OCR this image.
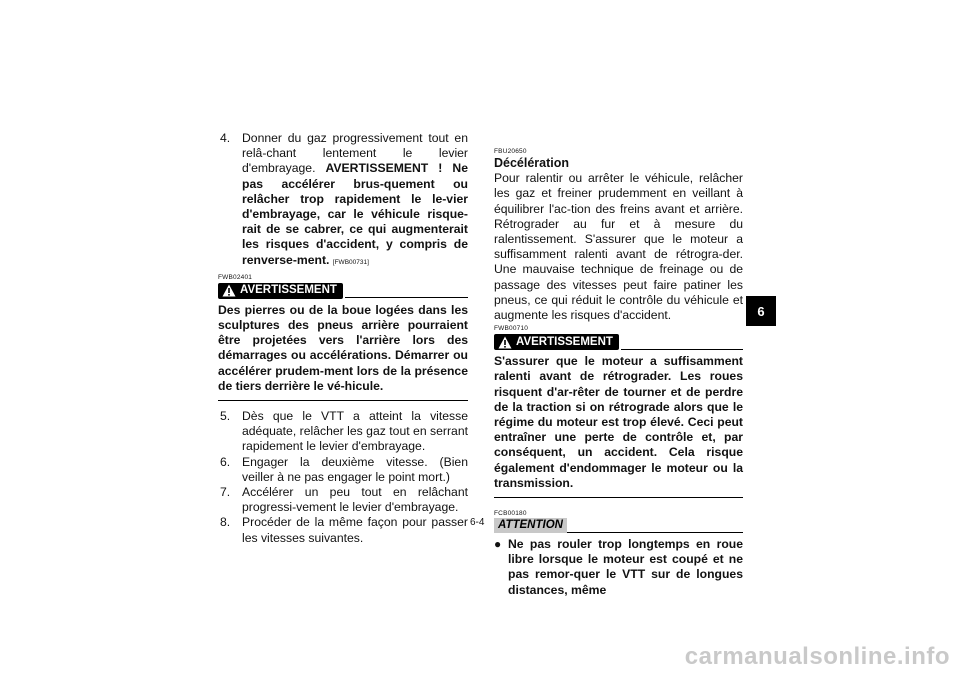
4. Donner du gaz progressivement tout en relâ-chant lentement le levier d'embrayage. AVERTISSEMENT ! Ne pas accélérer brus-quement ou relâcher trop rapidement le le-vier d'embrayage, car le véhicule risque-rait de se cabrer, ce qui augmenterait les risques d'accident, y compris de renverse-ment. [FWB00731]
FWB02401
AVERTISSEMENT
Des pierres ou de la boue logées dans les sculptures des pneus arrière pourraient être projetées vers l'arrière lors des démarrages ou accélérations. Démarrer ou accélérer prudem-ment lors de la présence de tiers derrière le vé-hicule.
5. Dès que le VTT a atteint la vitesse adéquate, relâcher les gaz tout en serrant rapidement le levier d'embrayage.
6. Engager la deuxième vitesse. (Bien veiller à ne pas engager le point mort.)
7. Accélérer un peu tout en relâchant progressi-vement le levier d'embrayage.
8. Procéder de la même façon pour passer les vitesses suivantes.
FBU20650
Décélération
Pour ralentir ou arrêter le véhicule, relâcher les gaz et freiner prudemment en veillant à équilibrer l'ac-tion des freins avant et arrière. Rétrograder au fur et à mesure du ralentissement. S'assurer que le moteur a suffisamment ralenti avant de rétrogra-der. Une mauvaise technique de freinage ou de passage des vitesses peut faire patiner les pneus, ce qui réduit le contrôle du véhicule et augmente les risques d'accident.
FWB00710
AVERTISSEMENT
S'assurer que le moteur a suffisamment ralenti avant de rétrograder. Les roues risquent d'ar-rêter de tourner et de perdre de la traction si on rétrograde alors que le régime du moteur est trop élevé. Ceci peut entraîner une perte de contrôle et, par conséquent, un accident. Cela risque également d'endommager le moteur ou la transmission.
FCB00180
ATTENTION
● Ne pas rouler trop longtemps en roue libre lorsque le moteur est coupé et ne pas remor-quer le VTT sur de longues distances, même
6
6-4
carmanualsonline.info
